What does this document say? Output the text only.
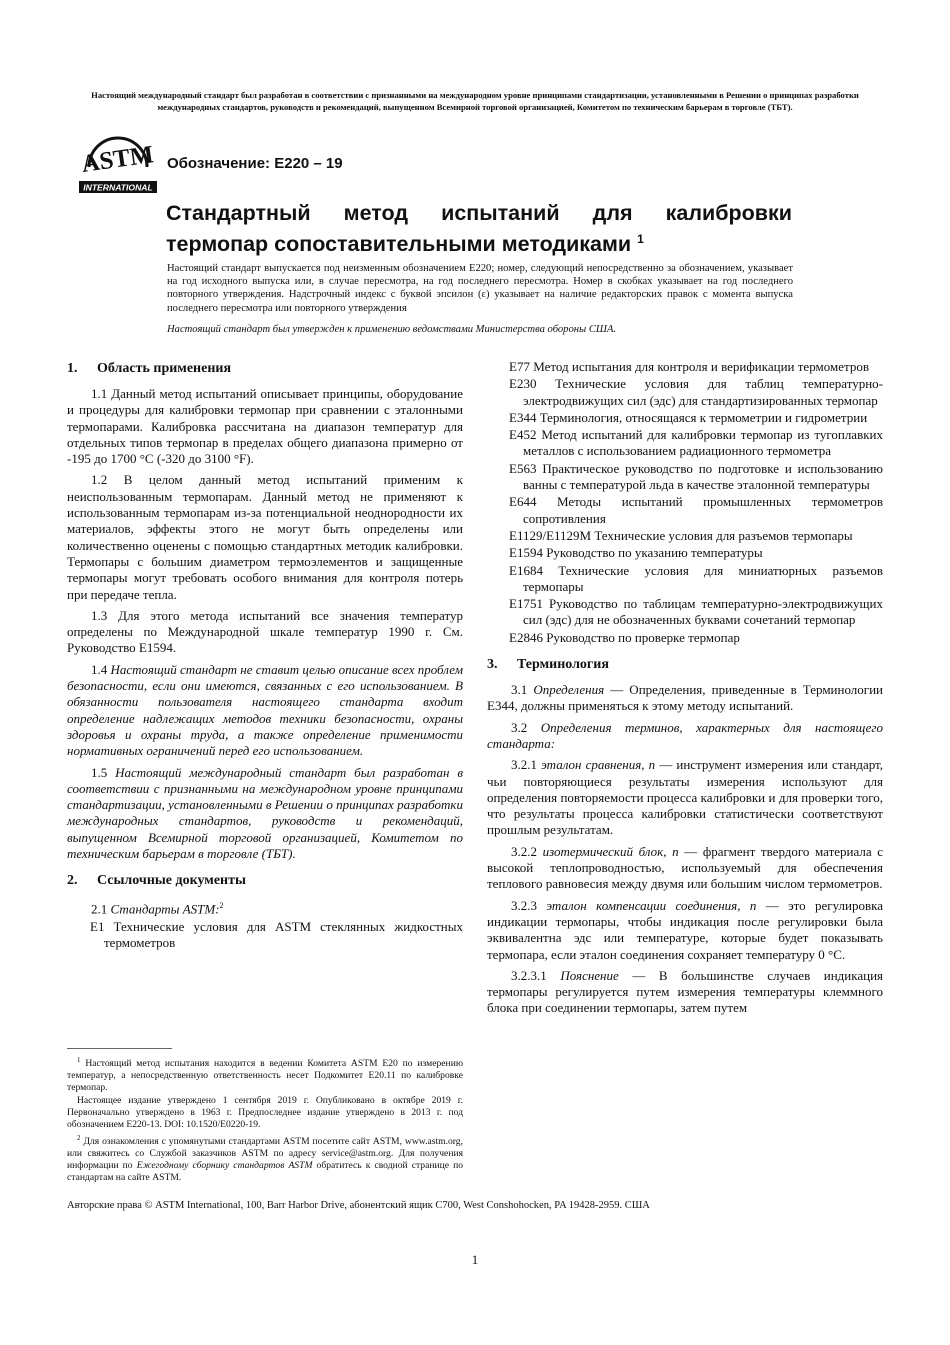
Настоящий международный стандарт был разработан в соответствии с признанными на международном уровне принципами стандартизации, установленными в Решении о принципах разработки международных стандартов, руководств и рекомендаций, выпущенном Всемирной торговой организацией, Комитетом по техническим барьерам в торговле (ТБТ).
ASTM
INTERNATIONAL
Обозначение: E220 – 19
Стандартный метод испытаний для калибровки
термопар сопоставительными методиками $^1$

Настоящий стандарт выпускается под неизменным обозначением E220; номер, следующий непосредственно за обозначением, указывает на год исходного выпуска или, в случае пересмотра, на год последнего пересмотра. Номер в скобках указывает на год последнего повторного утверждения. Надстрочный индекс с буквой эпсилон (ε) указывает на наличие редакторских правок с момента выпуска последнего пересмотра или повторного утверждения

Настоящий стандарт был утвержден к применению ведомствами Министерства обороны США.

1. Область применения

1.1 Данный метод испытаний описывает принципы, оборудование и процедуры для калибровки термопар при сравнении с эталонными термопарами. Калибровка рассчитана на диапазон температур для отдельных типов термопар в пределах общего диапазона примерно от -195 до 1700 °C (-320 до 3100 °F).

1.2 В целом данный метод испытаний применим к неиспользованным термопарам. Данный метод не применяют к использованным термопарам из-за потенциальной неоднородности их материалов, эффекты этого не могут быть определены или количественно оценены с помощью стандартных методик калибровки. Термопары с большим диаметром термоэлементов и защищенные термопары могут требовать особого внимания для контроля потерь при передаче тепла.

1.3 Для этого метода испытаний все значения температур определены по Международной шкале температур 1990 г. См. Руководство E1594.

1.4 Настоящий стандарт не ставит целью описание всех проблем безопасности, если они имеются, связанных с его использованием. В обязанности пользователя настоящего стандарта входит определение надлежащих методов техники безопасности, охраны здоровья и охраны труда, а также определение применимости нормативных ограничений перед его использованием.

1.5 Настоящий международный стандарт был разработан в соответствии с признанными на международном уровне принципами стандартизации, установленными в Решении о принципах разработки международных стандартов, руководств и рекомендаций, выпущенном Всемирной торговой организацией, Комитетом по техническим барьерам в торговле (ТБТ).

2. Ссылочные документы

2.1 Стандарты ASTM:$^2$

E1 Технические условия для ASTM стеклянных жидкостных термометров

$^1$ Настоящий метод испытания находится в ведении Комитета ASTM E20 по измерению температур, а непосредственную ответственность несет Подкомитет E20.11 по калибровке термопар.

Настоящее издание утверждено 1 сентября 2019 г. Опубликовано в октябре 2019 г. Первоначально утверждено в 1963 г. Предпоследнее издание утверждено в 2013 г. под обозначением E220-13. DOI: 10.1520/E0220-19.

$^2$ Для ознакомления с упомянутыми стандартами ASTM посетите сайт ASTM, www.astm.org, или свяжитесь со Службой заказчиков ASTM по адресу service@astm.org. Для получения информации по Ежегодному сборнику стандартов ASTM обратитесь к сводной странице по стандартам на сайте ASTM.

E77 Метод испытания для контроля и верификации термометров

E230 Технические условия для таблиц температурно-электродвижущих сил (эдс) для стандартизированных термопар

E344 Терминология, относящаяся к термометрии и гидрометрии

E452 Метод испытаний для калибровки термопар из тугоплавких металлов с использованием радиационного термометра

E563 Практическое руководство по подготовке и использованию ванны с температурой льда в качестве эталонной температуры

E644 Методы испытаний промышленных термометров сопротивления

E1129/E1129M Технические условия для разъемов термопары

E1594 Руководство по указанию температуры

E1684 Технические условия для миниатюрных разъемов термопары

E1751 Руководство по таблицам температурно-электродвижущих сил (эдс) для не обозначенных буквами сочетаний термопар

E2846 Руководство по проверке термопар

3. Терминология

3.1 Определения — Определения, приведенные в Терминологии E344, должны применяться к этому методу испытаний.

3.2 Определения терминов, характерных для настоящего стандарта:

3.2.1 эталон сравнения, n — инструмент измерения или стандарт, чьи повторяющиеся результаты измерения используют для определения повторяемости процесса калибровки и для проверки того, что результаты процесса калибровки статистически соответствуют прошлым результатам.

3.2.2 изотермический блок, n — фрагмент твердого материала с высокой теплопроводностью, используемый для обеспечения теплового равновесия между двумя или большим числом термометров.

3.2.3 эталон компенсации соединения, n — это регулировка индикации термопары, чтобы индикация после регулировки была эквивалентна эдс или температуре, которые будет показывать термопара, если эталон соединения сохраняет температуру 0 °C.

3.2.3.1 Пояснение — В большинстве случаев индикация термопары регулируется путем измерения температуры клеммного блока при соединении термопары, затем путем

Авторские права © ASTM International, 100, Barr Harbor Drive, абонентский ящик C700, West Conshohocken, PA 19428-2959. США
1
